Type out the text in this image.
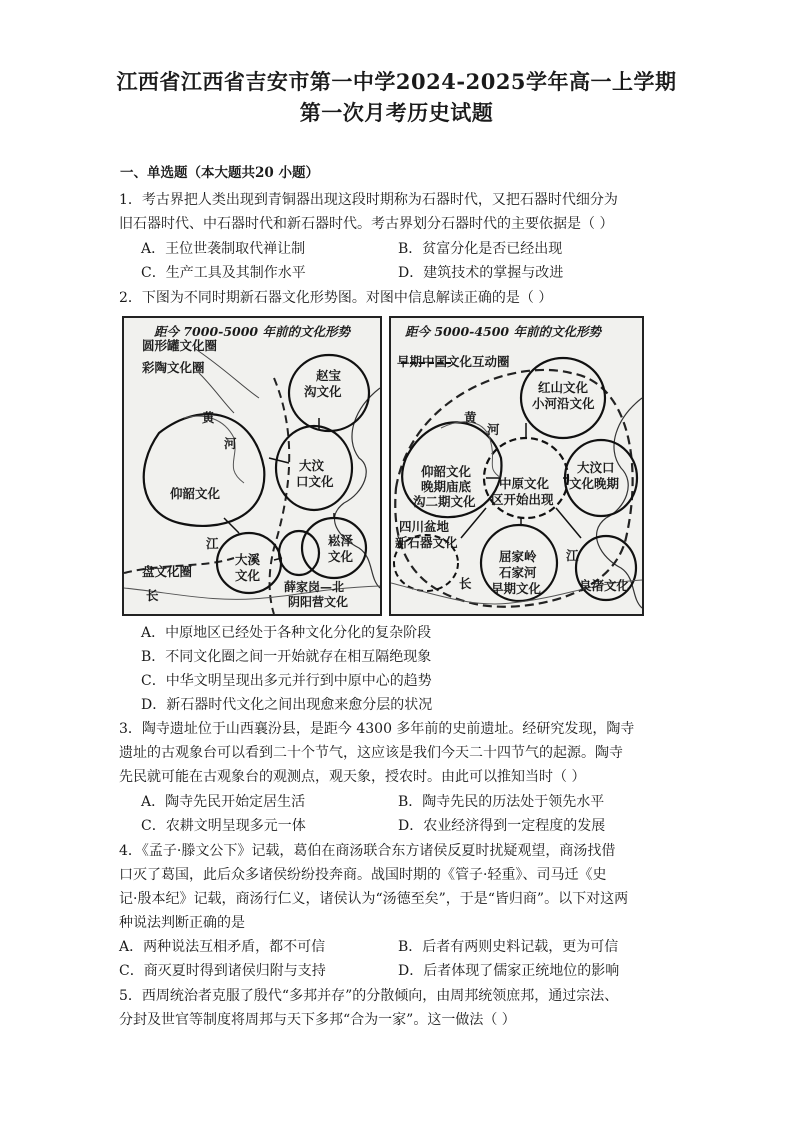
江西省江西省吉安市第一中学2024-2025学年高一上学期
第一次月考历史试题
一、单选题（本大题共20 小题）
1．考古界把人类出现到青铜器出现这段时期称为石器时代，又把石器时代细分为
旧石器时代、中石器时代和新石器时代。考古界划分石器时代的主要依据是（ ）
A．王位世袭制取代禅让制	B．贫富分化是否已经出现
C．生产工具及其制作水平	D．建筑技术的掌握与改进
2．下图为不同时期新石器文化形势图。对图中信息解读正确的是（ ）
距今 7000-5000 年前的文化形势
圆形罐文化圈
彩陶文化圈
赵宝
沟文化
黄
河
仰韶文化
大汶
口文化
江
大溪
文化
崧泽
文化
盘文化圈
长
薛家岗—北
阴阳营文化
距今 5000-4500 年前的文化形势
早期中国文化互动圈
红山文化
小河沿文化
黄
河
仰韶文化
晚期庙底
沟二期文化
中原文化
区开始出现
大汶口
文化晚期
四川盆地
新石器文化
屈家岭
石家河
早期文化
江
长	良渚文化
A．中原地区已经处于各种文化分化的复杂阶段
B．不同文化圈之间一开始就存在相互隔绝现象
C．中华文明呈现出多元并行到中原中心的趋势
D．新石器时代文化之间出现愈来愈分层的状况
3．陶寺遗址位于山西襄汾县，是距今 4300 多年前的史前遗址。经研究发现，陶寺
遗址的古观象台可以看到二十个节气，这应该是我们今天二十四节气的起源。陶寺
先民就可能在古观象台的观测点，观天象，授农时。由此可以推知当时（ ）
A．陶寺先民开始定居生活	B．陶寺先民的历法处于领先水平
C．农耕文明呈现多元一体	D．农业经济得到一定程度的发展
4．《孟子·滕文公下》记载，葛伯在商汤联合东方诸侯反夏时扰疑观望，商汤找借
口灭了葛国，此后众多诸侯纷纷投奔商。战国时期的《管子·轻重》、司马迁《史
记·殷本纪》记载，商汤行仁义，诸侯认为“汤德至矣”，于是“皆归商”。以下对这两
种说法判断正确的是
A．两种说法互相矛盾，都不可信	B．后者有两则史料记载，更为可信
C．商灭夏时得到诸侯归附与支持	D．后者体现了儒家正统地位的影响
5．西周统治者克服了殷代“多邦并存”的分散倾向，由周邦统领庶邦，通过宗法、
分封及世官等制度将周邦与天下多邦“合为一家”。这一做法（ ）
